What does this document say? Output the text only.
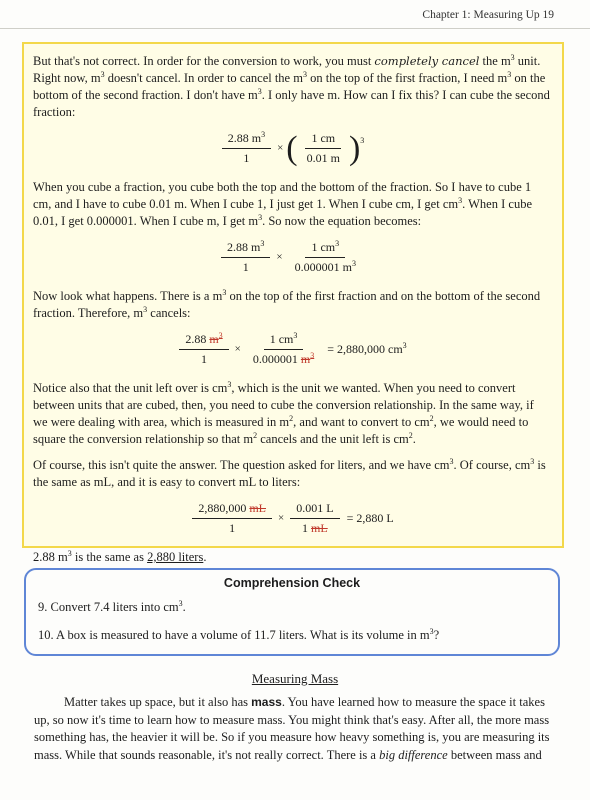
Chapter 1: Measuring Up 19

But that's not correct. In order for the conversion to work, you must completely cancel the $m^3$ unit. Right now, $m^3$ doesn't cancel. In order to cancel the $m^3$ on the top of the first fraction, I need $m^3$ on the bottom of the second fraction. I don't have $m^3$. I only have m. How can I fix this? I can cube the second fraction:

$\frac{2.88 m^3}{1}$ × ( $\frac{1 cm}{0.01 m}$ ) 3

When you cube a fraction, you cube both the top and the bottom of the fraction. So I have to cube 1 cm, and I have to cube 0.01 m. When I cube 1, I just get 1. When I cube cm, I get $cm^3$. When I cube 0.01, I get 0.000001. When I cube m, I get $m^3$. So now the equation becomes:

$\frac{2.88 m^3}{1} \times \frac{1 cm^3}{0.000001 m^3}$

Now look what happens. There is a $m^3$ on the top of the first fraction and on the bottom of the second fraction. Therefore, $m^3$ cancels:

$\frac{2.88 m^3}{1} \times \frac{1 cm^3}{0.000001 m^3} = 2,880,000$ $cm^3$

Notice also that the unit left over is $cm^3$, which is the unit we wanted. When you need to convert between units that are cubed, then, you need to cube the conversion relationship. In the same way, if we were dealing with area, which is measured in $m^2$, and want to convert to $cm^2$, we would need to square the conversion relationship so that $m^2$ cancels and the unit left is $cm^2$.

Of course, this isn't quite the answer. The question asked for liters, and we have $cm^3$. Of course, $cm^3$ is the same as mL, and it is easy to convert mL to liters:

$\frac{2,880,000 mL}{1} \times \frac{0.001 L}{1 mL} = 2,880$ L

2.88 $m^3$ is the same as 2,880 liters.

Comprehension Check
9. Convert 7.4 liters into $cm^3$.
10. A box is measured to have a volume of 11.7 liters. What is its volume in $m^3$?
Measuring Mass

Matter takes up space, but it also has mass. You have learned how to measure the space it takes up, so now it's time to learn how to measure mass. You might think that's easy. After all, the more mass something has, the heavier it will be. So if you measure how heavy something is, you are measuring its mass. While that sounds reasonable, it's not really correct. There is a big difference between mass and
